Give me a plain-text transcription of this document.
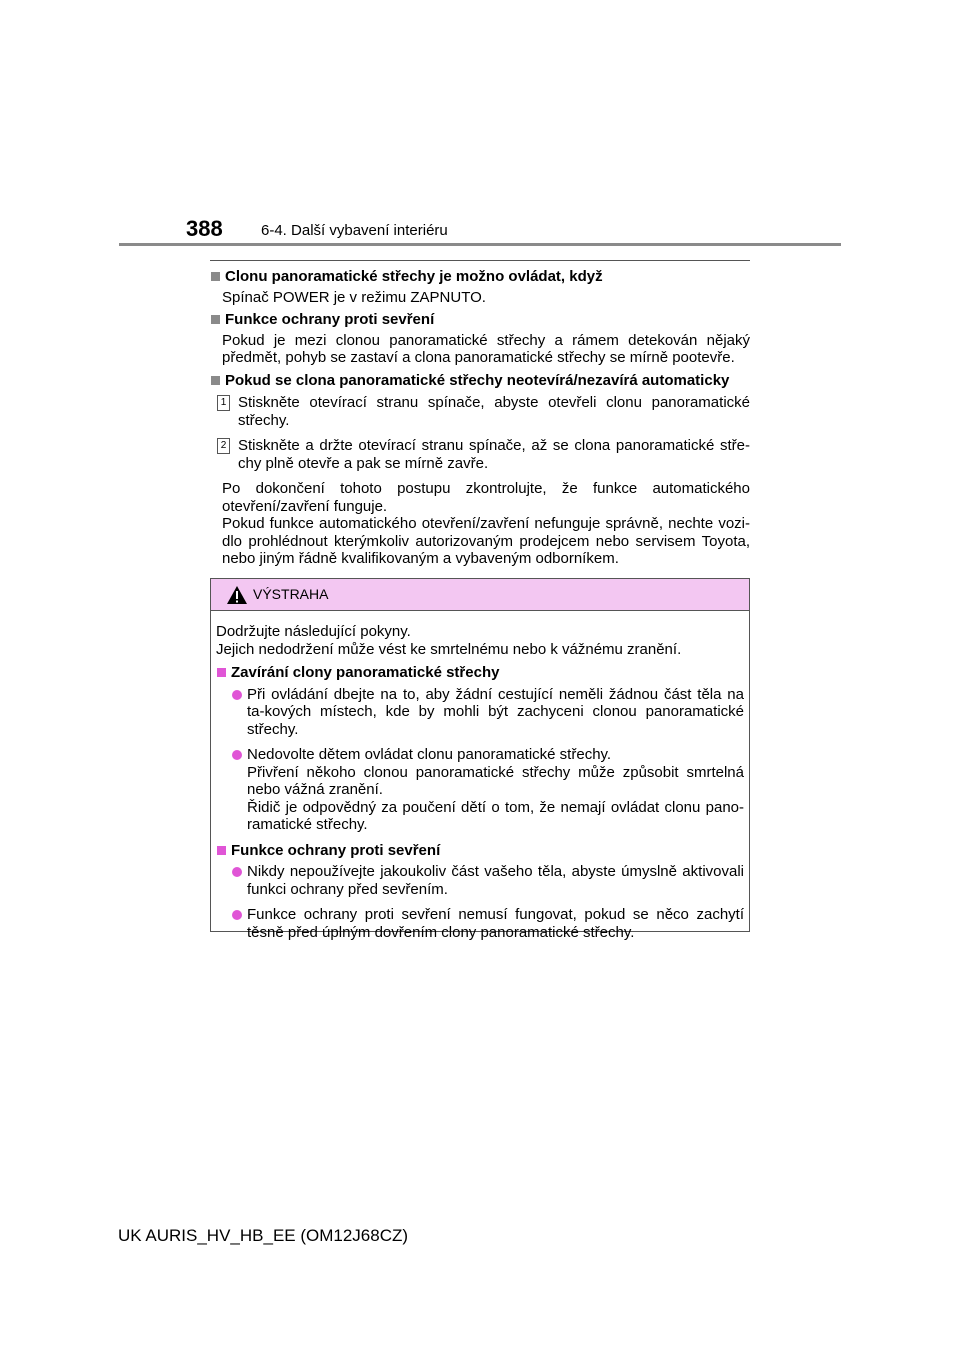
388	6-4. Další vybavení interiéru
Clonu panoramatické střechy je možno ovládat, když
Spínač POWER je v režimu ZAPNUTO.
Funkce ochrany proti sevření
Pokud je mezi clonou panoramatické střechy a rámem detekován nějaký předmět, pohyb se zastaví a clona panoramatické střechy se mírně pootevře.
Pokud se clona panoramatické střechy neotevírá/nezavírá automaticky
1 Stiskněte otevírací stranu spínače, abyste otevřeli clonu panoramatické střechy.
2 Stiskněte a držte otevírací stranu spínače, až se clona panoramatické stře-chy plně otevře a pak se mírně zavře.
Po dokončení tohoto postupu zkontrolujte, že funkce automatického otevření/zavření funguje.
Pokud funkce automatického otevření/zavření nefunguje správně, nechte vozi-dlo prohlédnout kterýmkoliv autorizovaným prodejcem nebo servisem Toyota, nebo jiným řádně kvalifikovaným a vybaveným odborníkem.
VÝSTRAHA
Dodržujte následující pokyny.
Jejich nedodržení může vést ke smrtelnému nebo k vážnému zranění.
Zavírání clony panoramatické střechy
Při ovládání dbejte na to, aby žádní cestující neměli žádnou část těla na ta-kových místech, kde by mohli být zachyceni clonou panoramatické střechy.
Nedovolte dětem ovládat clonu panoramatické střechy.
Přivření někoho clonou panoramatické střechy může způsobit smrtelná nebo vážná zranění.
Řidič je odpovědný za poučení dětí o tom, že nemají ovládat clonu pano-ramatické střechy.
Funkce ochrany proti sevření
Nikdy nepoužívejte jakoukoliv část vašeho těla, abyste úmyslně aktivovali funkci ochrany před sevřením.
Funkce ochrany proti sevření nemusí fungovat, pokud se něco zachytí těsně před úplným dovřením clony panoramatické střechy.
UK AURIS_HV_HB_EE (OM12J68CZ)
